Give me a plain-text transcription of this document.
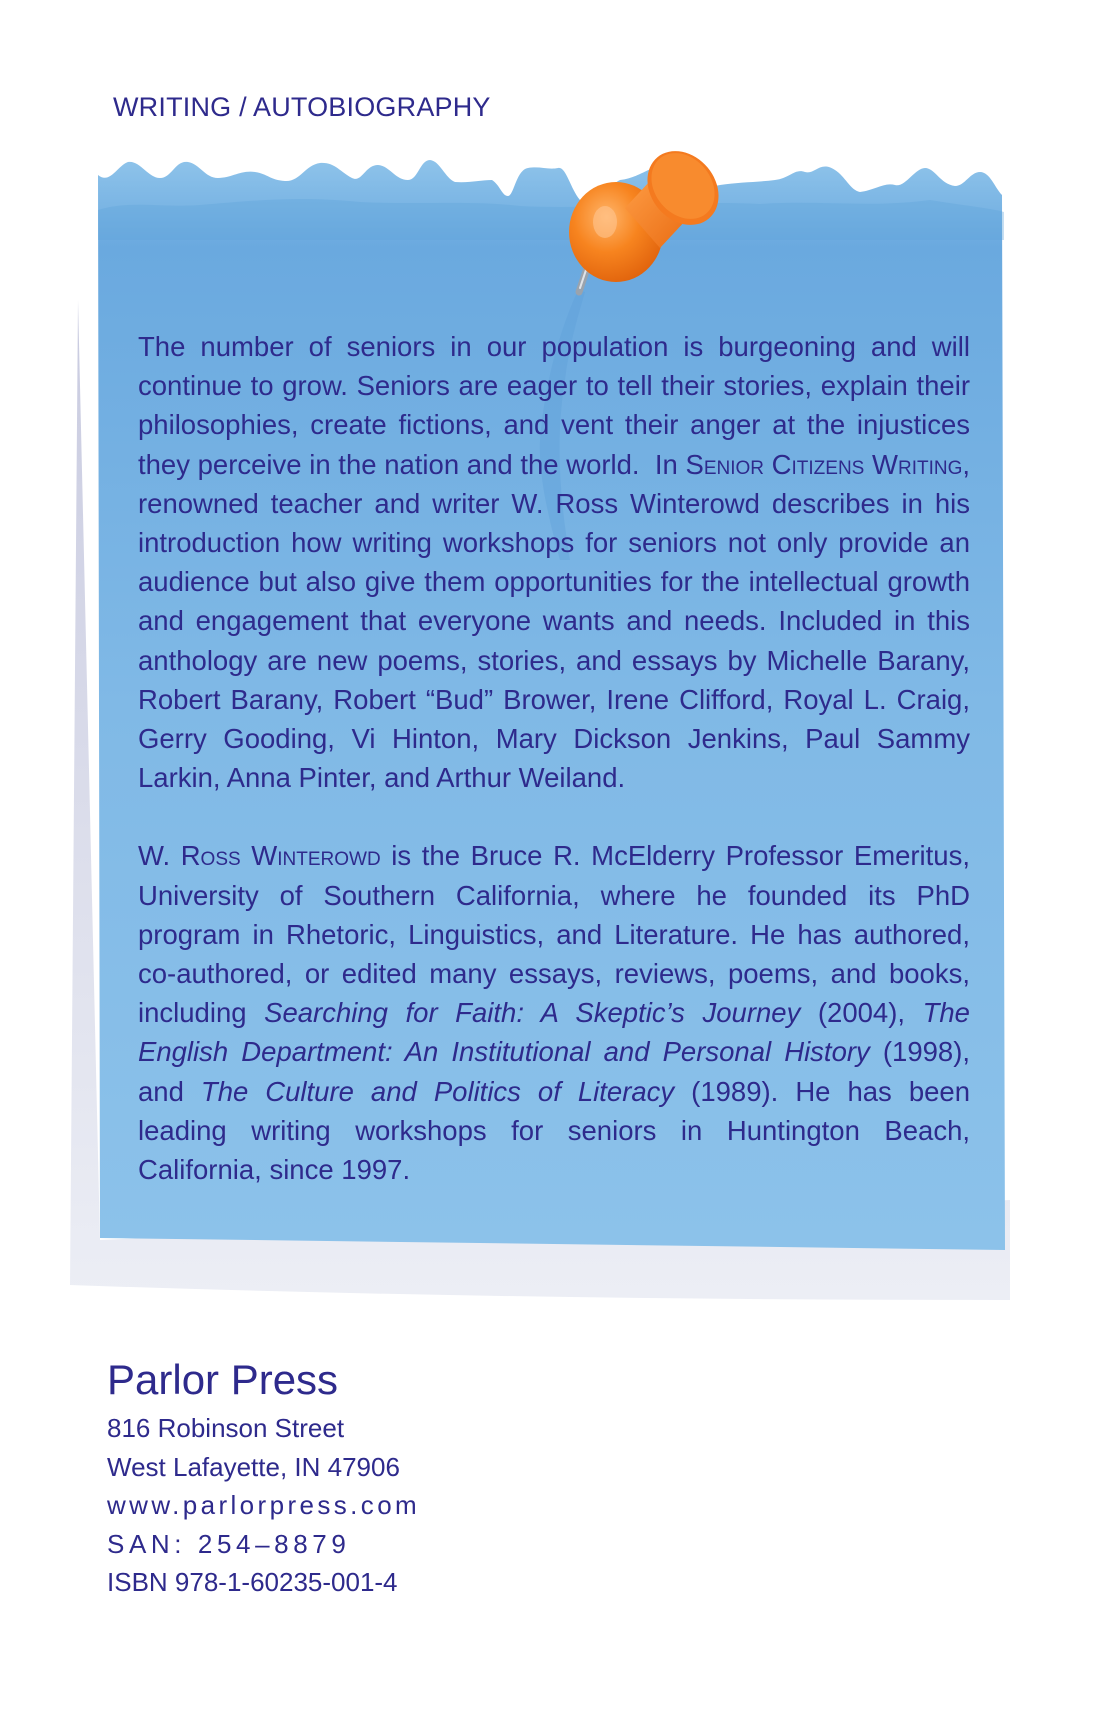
WRITING / AUTOBIOGRAPHY

The number of seniors in our population is burgeoning and will continue to grow. Seniors are eager to tell their stories, explain their philosophies, create fictions, and vent their anger at the injustices they perceive in the nation and the world.  In Senior Citizens Writing, renowned teacher and writer W. Ross Winterowd describes in his introduction how writing workshops for seniors not only provide an audience but also give them opportunities for the intellectual growth and engagement that everyone wants and needs. Included in this anthology are new poems, stories, and essays by Michelle Barany, Robert Barany, Robert “Bud” Brower, Irene Clifford, Royal L. Craig, Gerry Gooding, Vi Hinton, Mary Dickson Jenkins, Paul Sammy Larkin, Anna Pinter, and Arthur Weiland.

W. Ross Winterowd is the Bruce R. McElderry Professor Emeritus, University of Southern California, where he founded its PhD program in Rhetoric, Linguistics, and Literature. He has authored, co-authored, or edited many essays, reviews, poems, and books, including Searching for Faith: A Skeptic’s Journey (2004), The English Department: An Institutional and Personal History (1998), and The Culture and Politics of Literacy (1989). He has been leading writing workshops for seniors in Huntington Beach, California, since 1997.

Parlor Press
816 Robinson Street
West Lafayette, IN 47906
www.parlorpress.com
SAN: 254–8879
ISBN 978-1-60235-001-4
